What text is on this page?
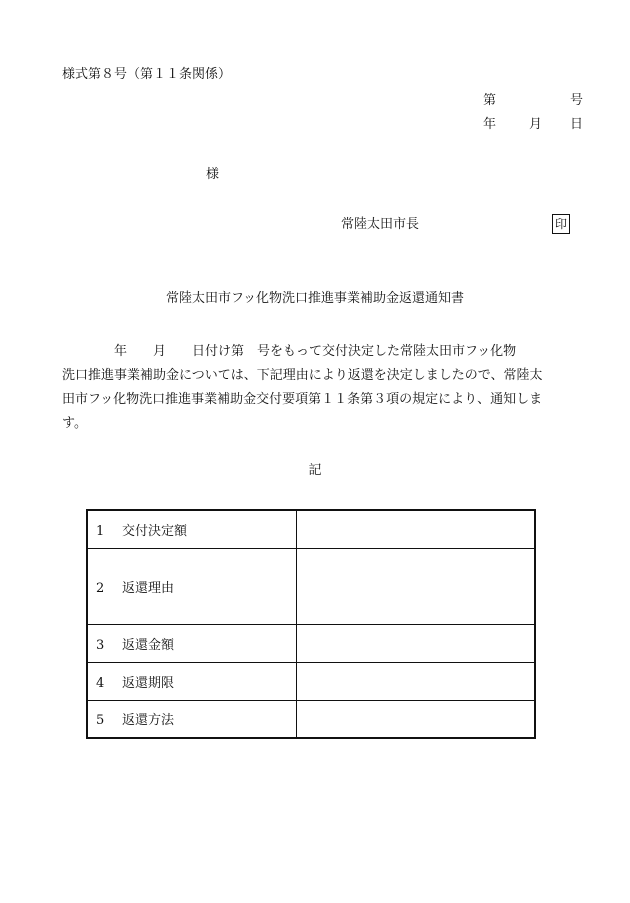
様式第８号（第１１条関係）
第	号
年	月 日
様
常陸太田市長	印
常陸太田市フッ化物洗口推進事業補助金返還通知書
　　　　年　　月　　日付け第　号をもって交付決定した常陸太田市フッ化物
洗口推進事業補助金については、下記理由により返還を決定しましたので、常陸太
田市フッ化物洗口推進事業補助金交付要項第１１条第３項の規定により、通知しま
す。
記
1 交付決定額	
2 返還理由	
3 返還金額	
4 返還期限	
5 返還方法	
